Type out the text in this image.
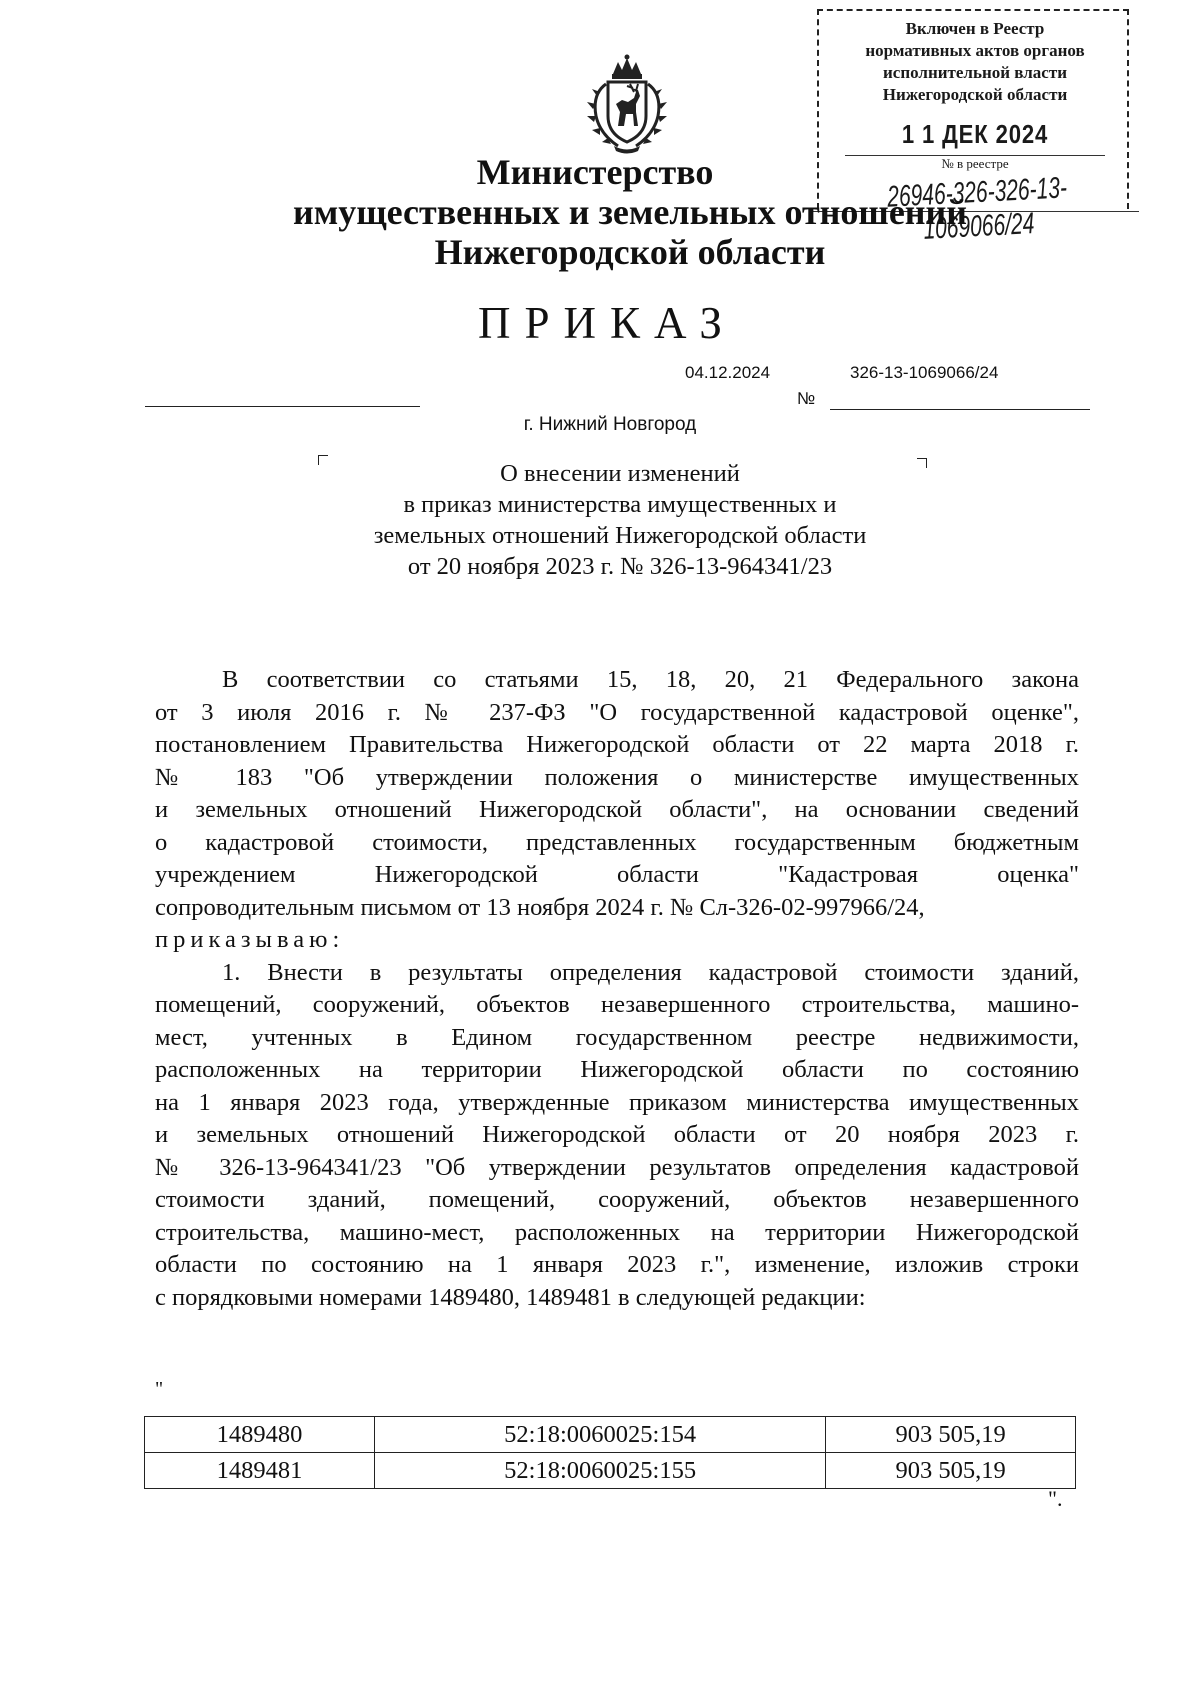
Включен в Реестр
нормативных актов органов
исполнительной власти
Нижегородской области
1 1 ДЕК 2024
№ в реестре
26946-326-326-13-1069066/24
Министерство
имущественных и земельных отношений
Нижегородской области
ПРИКАЗ
04.12.2024	326-13-1069066/24
№
г. Нижний Новгород
О внесении изменений
в приказ министерства имущественных и
земельных отношений Нижегородской области
от 20 ноября 2023 г. № 326-13-964341/23
В соответствии со статьями 15, 18, 20, 21 Федерального закона
от 3 июля 2016 г. № 237-ФЗ "О государственной кадастровой оценке",
постановлением Правительства Нижегородской области от 22 марта 2018 г.
№ 183 "Об утверждении положения о министерстве имущественных
и земельных отношений Нижегородской области", на основании сведений
о кадастровой стоимости, представленных государственным бюджетным
учреждением Нижегородской области "Кадастровая оценка"
сопроводительным письмом от 13 ноября 2024 г. № Сл-326-02-997966/24,
приказываю:
1. Внести в результаты определения кадастровой стоимости зданий,
помещений, сооружений, объектов незавершенного строительства, машино-
мест, учтенных в Едином государственном реестре недвижимости,
расположенных на территории Нижегородской области по состоянию
на 1 января 2023 года, утвержденные приказом министерства имущественных
и земельных отношений Нижегородской области от 20 ноября 2023 г.
№ 326-13-964341/23 "Об утверждении результатов определения кадастровой
стоимости зданий, помещений, сооружений, объектов незавершенного
строительства, машино-мест, расположенных на территории Нижегородской
области по состоянию на 1 января 2023 г.", изменение, изложив строки
с порядковыми номерами 1489480, 1489481 в следующей редакции:
"
1489480	52:18:0060025:154	903 505,19
1489481	52:18:0060025:155	903 505,19
".
